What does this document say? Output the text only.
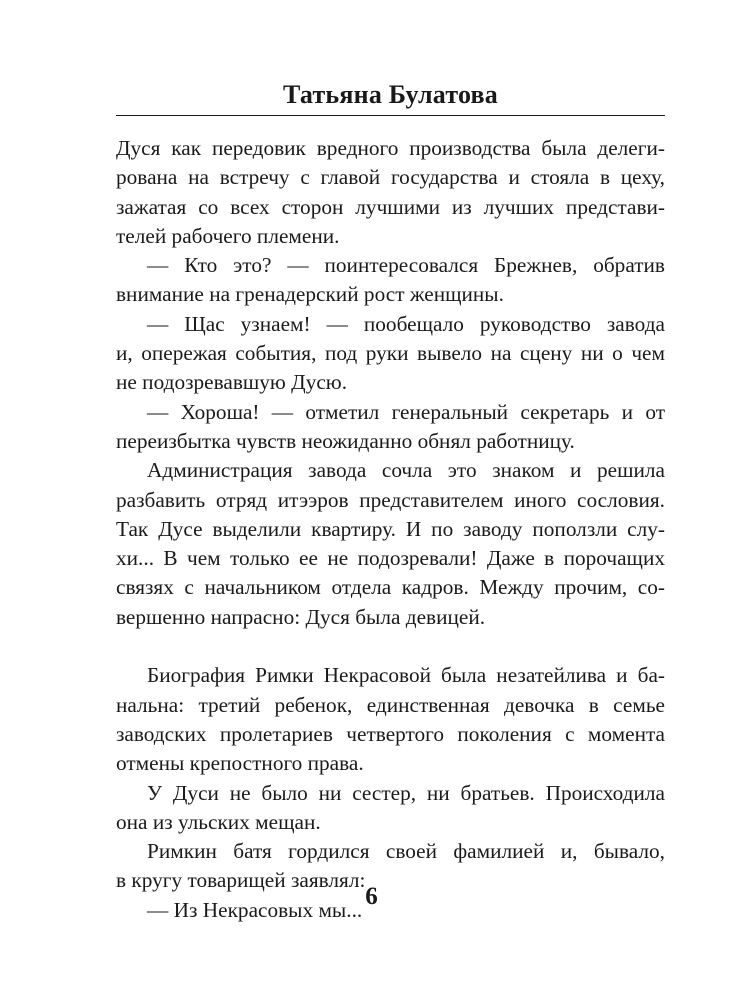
Татьяна Булатова
Дуся как передовик вредного производства была делеги-
рована на встречу с главой государства и стояла в цеху,
зажатая со всех сторон лучшими из лучших представи-
телей рабочего племени.
— Кто это? — поинтересовался Брежнев, обратив
внимание на гренадерский рост женщины.
— Щас узнаем! — пообещало руководство завода
и, опережая события, под руки вывело на сцену ни о чем
не подозревавшую Дусю.
— Хороша! — отметил генеральный секретарь и от
переизбытка чувств неожиданно обнял работницу.
Администрация завода сочла это знаком и решила
разбавить отряд итээров представителем иного сословия.
Так Дусе выделили квартиру. И по заводу поползли слу-
хи... В чем только ее не подозревали! Даже в порочащих
связях с начальником отдела кадров. Между прочим, со-
вершенно напрасно: Дуся была девицей.
Биография Римки Некрасовой была незатейлива и ба-
нальна: третий ребенок, единственная девочка в семье
заводских пролетариев четвертого поколения с момента
отмены крепостного права.
У Дуси не было ни сестер, ни братьев. Происходила
она из ульских мещан.
Римкин батя гордился своей фамилией и, бывало,
в кругу товарищей заявлял:
— Из Некрасовых мы... 6
